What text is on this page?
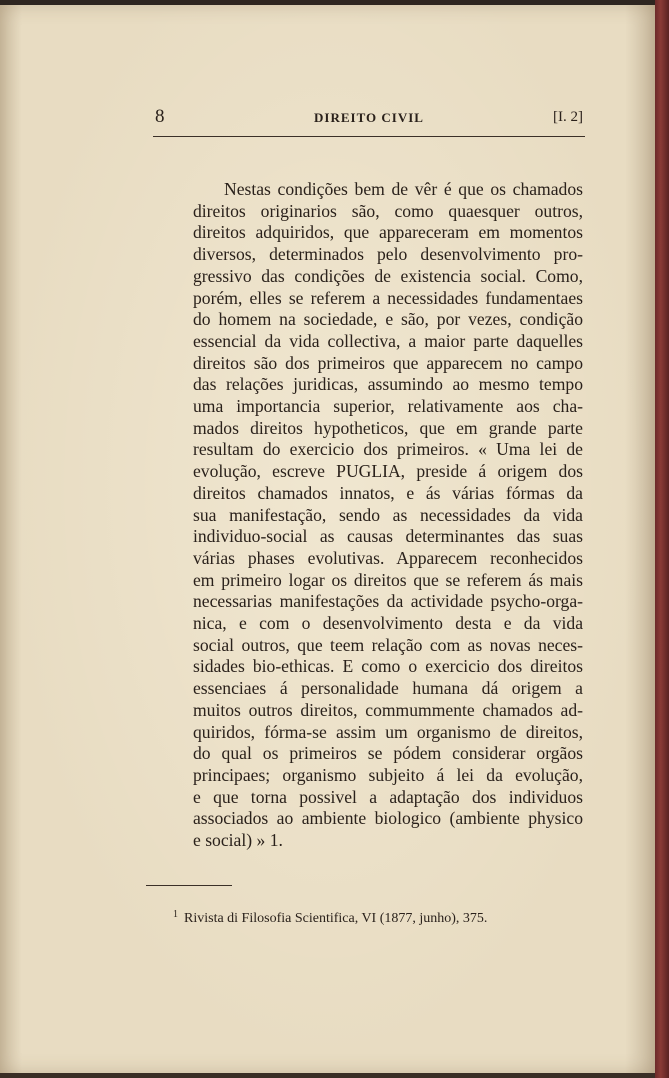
8	DIREITO CIVIL	[I. 2]
Nestas condições bem de vêr é que os chamados
direitos originarios são, como quaesquer outros,
direitos adquiridos, que appareceram em momentos
diversos, determinados pelo desenvolvimento pro-
gressivo das condições de existencia social. Como,
porém, elles se referem a necessidades fundamentaes
do homem na sociedade, e são, por vezes, condição
essencial da vida collectiva, a maior parte daquelles
direitos são dos primeiros que apparecem no campo
das relações juridicas, assumindo ao mesmo tempo
uma importancia superior, relativamente aos cha-
mados direitos hypotheticos, que em grande parte
resultam do exercicio dos primeiros. « Uma lei de
evolução, escreve PUGLIA, preside á origem dos
direitos chamados innatos, e ás várias fórmas da
sua manifestação, sendo as necessidades da vida
individuo-social as causas determinantes das suas
várias phases evolutivas. Apparecem reconhecidos
em primeiro logar os direitos que se referem ás mais
necessarias manifestações da actividade psycho-orga-
nica, e com o desenvolvimento desta e da vida
social outros, que teem relação com as novas neces-
sidades bio-ethicas. E como o exercicio dos direitos
essenciaes á personalidade humana dá origem a
muitos outros direitos, commummente chamados ad-
quiridos, fórma-se assim um organismo de direitos,
do qual os primeiros se pódem considerar orgãos
principaes; organismo subjeito á lei da evolução,
e que torna possivel a adaptação dos individuos
associados ao ambiente biologico (ambiente physico
e social) » 1.
$^1$ Rivista di Filosofia Scientifica, VI (1877, junho), 375.
